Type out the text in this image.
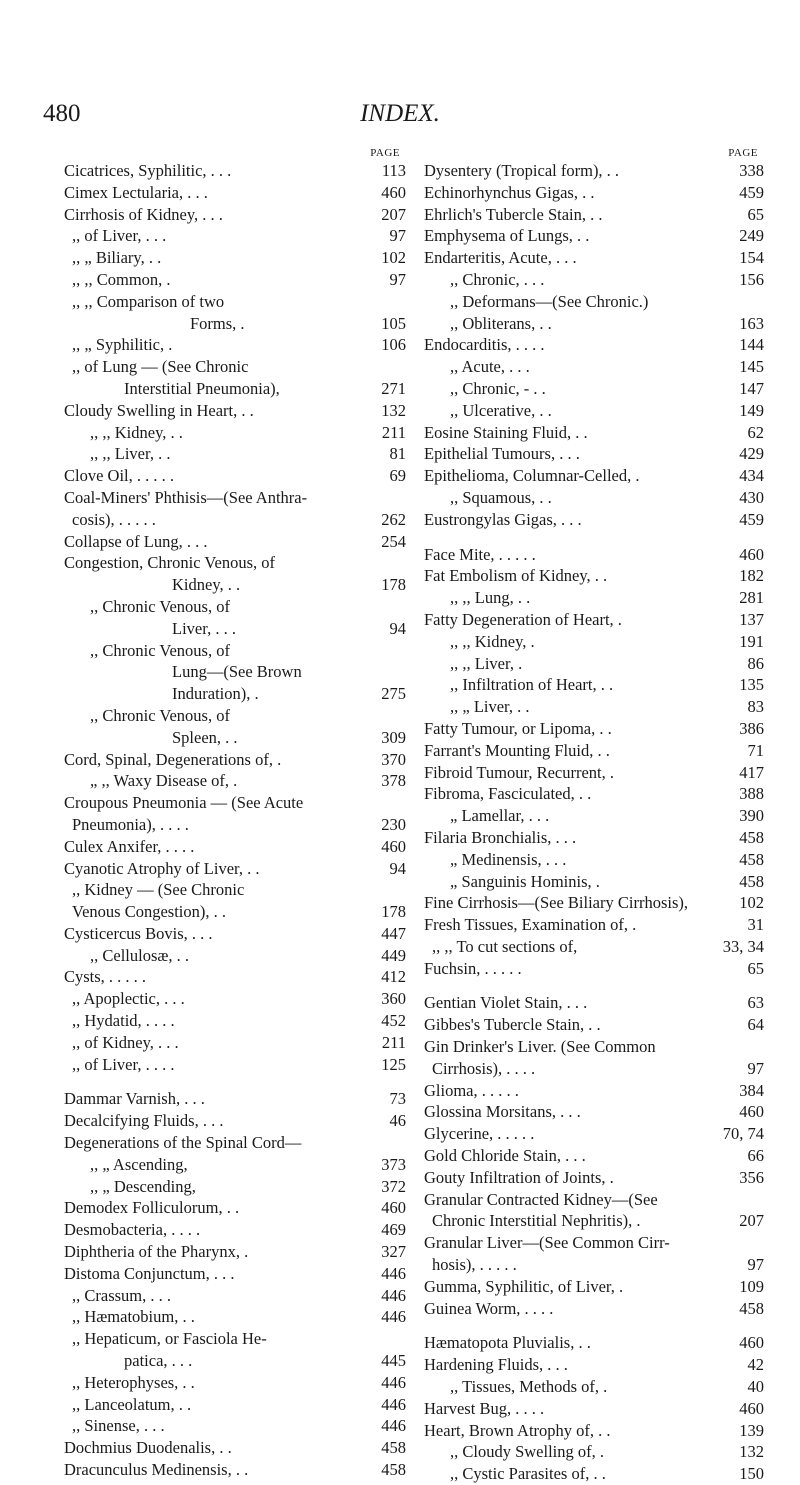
480	INDEX.
PAGE
Cicatrices, Syphilitic, . . .	113
Cimex Lectularia, . . .	460
Cirrhosis of Kidney, . . .	207
,, of Liver, . . .	97
,, „ Biliary, . .	102
,, ,, Common, .	97
,, ,, Comparison of two
Forms, .	105
,, „ Syphilitic, .	106
,, of Lung — (See Chronic
Interstitial Pneumonia),	271
Cloudy Swelling in Heart, . .	132
,, ,, Kidney, . .	211
,, ,, Liver, . .	81
Clove Oil, . . . . .	69
Coal-Miners' Phthisis—(See Anthra-
cosis), . . . . .	262
Collapse of Lung, . . .	254
Congestion, Chronic Venous, of
Kidney, . .	178
,, Chronic Venous, of
Liver, . . .	94
,, Chronic Venous, of
Lung—(See Brown
Induration), .	275
,, Chronic Venous, of
Spleen, . .	309
Cord, Spinal, Degenerations of, .	370
„ ,, Waxy Disease of, .	378
Croupous Pneumonia — (See Acute
Pneumonia), . . . .	230
Culex Anxifer, . . . .	460
Cyanotic Atrophy of Liver, . .	94
,, Kidney — (See Chronic
Venous Congestion), . .	178
Cysticercus Bovis, . . .	447
,, Cellulosæ, . .	449
Cysts, . . . . .	412
,, Apoplectic, . . .	360
,, Hydatid, . . . .	452
,, of Kidney, . . .	211
,, of Liver, . . . .	125
Dammar Varnish, . . .	73
Decalcifying Fluids, . . .	46
Degenerations of the Spinal Cord—
,, „ Ascending,	373
,, „ Descending,	372
Demodex Folliculorum, . .	460
Desmobacteria, . . . .	469
Diphtheria of the Pharynx, .	327
Distoma Conjunctum, . . .	446
,, Crassum, . . .	446
,, Hæmatobium, . .	446
,, Hepaticum, or Fasciola He-
patica, . . .	445
,, Heterophyses, . .	446
,, Lanceolatum, . .	446
,, Sinense, . . .	446
Dochmius Duodenalis, . .	458
Dracunculus Medinensis, . .	458
PAGE
Dysentery (Tropical form), . .	338
Echinorhynchus Gigas, . .	459
Ehrlich's Tubercle Stain, . .	65
Emphysema of Lungs, . .	249
Endarteritis, Acute, . . .	154
,, Chronic, . . .	156
,, Deformans—(See Chronic.)
,, Obliterans, . .	163
Endocarditis, . . . .	144
,, Acute, . . .	145
,, Chronic, - . .	147
,, Ulcerative, . .	149
Eosine Staining Fluid, . .	62
Epithelial Tumours, . . .	429
Epithelioma, Columnar-Celled, .	434
,, Squamous, . .	430
Eustrongylas Gigas, . . .	459
Face Mite, . . . . .	460
Fat Embolism of Kidney, . .	182
,, ,, Lung, . .	281
Fatty Degeneration of Heart, .	137
,, ,, Kidney, .	191
,, ,, Liver, .	86
,, Infiltration of Heart, . .	135
,, „ Liver, . .	83
Fatty Tumour, or Lipoma, . .	386
Farrant's Mounting Fluid, . .	71
Fibroid Tumour, Recurrent, .	417
Fibroma, Fasciculated, . .	388
„ Lamellar, . . .	390
Filaria Bronchialis, . . .	458
„ Medinensis, . . .	458
„ Sanguinis Hominis, .	458
Fine Cirrhosis—(See Biliary Cirrhosis),	102
Fresh Tissues, Examination of, .	31
,, ,, To cut sections of,	33, 34
Fuchsin, . . . . .	65
Gentian Violet Stain, . . .	63
Gibbes's Tubercle Stain, . .	64
Gin Drinker's Liver. (See Common
Cirrhosis), . . . .	97
Glioma, . . . . .	384
Glossina Morsitans, . . .	460
Glycerine, . . . . .	70, 74
Gold Chloride Stain, . . .	66
Gouty Infiltration of Joints, .	356
Granular Contracted Kidney—(See
Chronic Interstitial Nephritis), .	207
Granular Liver—(See Common Cirr-
hosis), . . . . .	97
Gumma, Syphilitic, of Liver, .	109
Guinea Worm, . . . .	458
Hæmatopota Pluvialis, . .	460
Hardening Fluids, . . .	42
,, Tissues, Methods of, .	40
Harvest Bug, . . . .	460
Heart, Brown Atrophy of, . .	139
,, Cloudy Swelling of, .	132
,, Cystic Parasites of, . .	150
